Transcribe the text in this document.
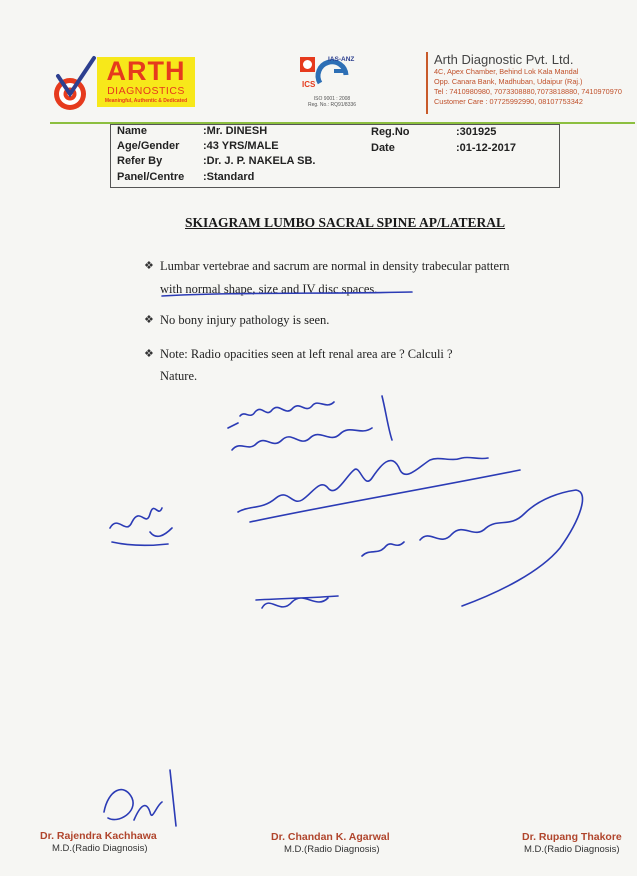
ARTH
DIAGNOSTICS
Meaningful, Authentic & Dedicated
IAS-ANZ
ICS
ISO 9001 : 2008
Reg. No.: RQ91/8336
Arth Diagnostic Pvt. Ltd.
4C, Apex Chamber, Behind Lok Kala Mandal
Opp. Canara Bank, Madhuban, Udaipur (Raj.)
Tel : 7410980980, 7073308880,7073818880, 7410970970
Customer Care : 07725992990, 08107753342
Name	:Mr. DINESH
Age/Gender :43 YRS/MALE
Refer By	:Dr. J. P. NAKELA SB.
Panel/Centre :Standard
Reg.No	:301925
Date	:01-12-2017
SKIAGRAM LUMBO SACRAL SPINE AP/LATERAL
❖ Lumbar vertebrae and sacrum are normal in density trabecular pattern
with normal shape, size and IV disc spaces.
❖ No bony injury pathology is seen.
❖ Note: Radio opacities seen at left renal area are ? Calculi ?
Nature.
Dr. Rajendra Kachhawa
M.D.(Radio Diagnosis)
Dr. Chandan K. Agarwal
M.D.(Radio Diagnosis)
Dr. Rupang Thakore
M.D.(Radio Diagnosis)
